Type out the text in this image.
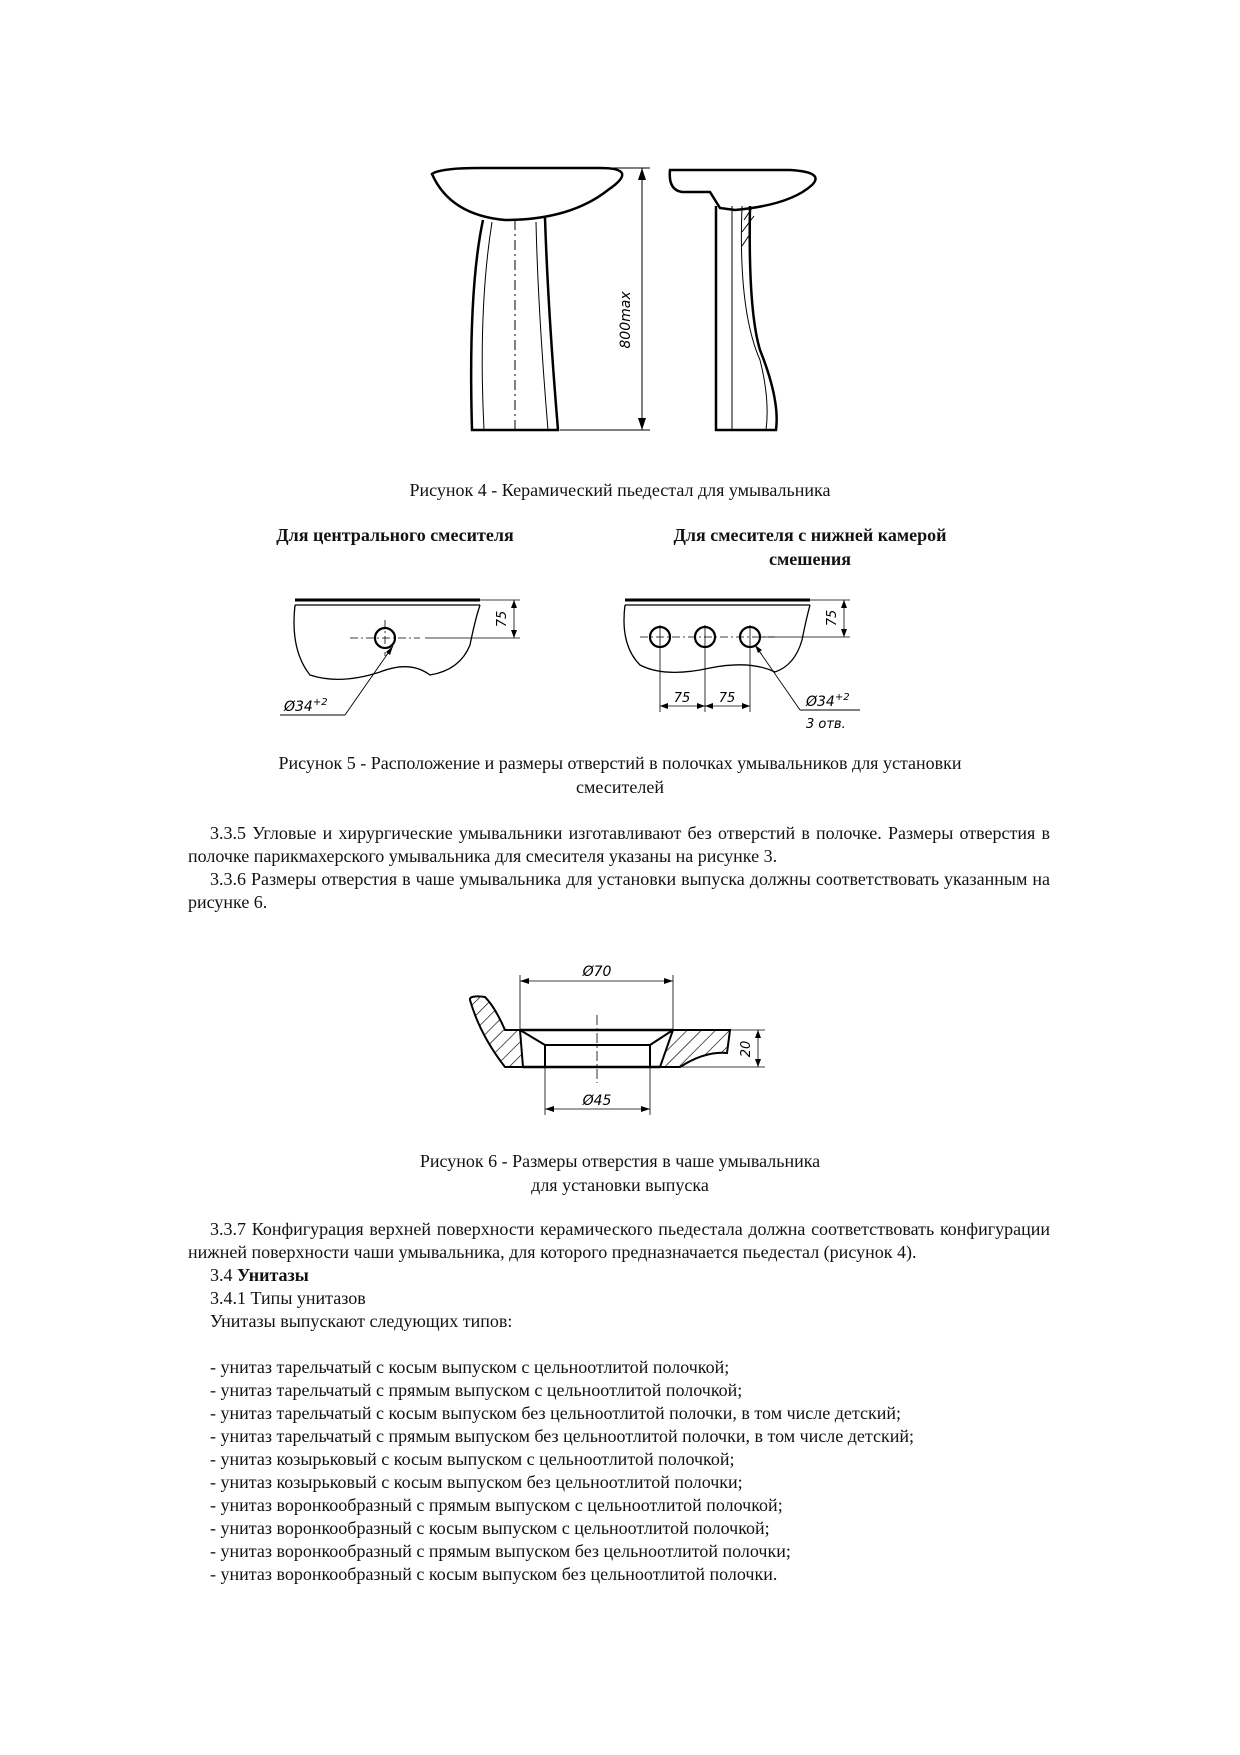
800max
Рисунок 4 - Керамический пьедестал для умывальника
Для центрального смесителя	Для смесителя с нижней камерой
смешения
75
$Ø34^{+2}$	75 75
75
$Ø34^{+2}$
3 отв.
Рисунок 5 - Расположение и размеры отверстий в полочках умывальников для установки
смесителей

3.3.5 Угловые и хирургические умывальники изготавливают без отверстий в полочке. Размеры отверстия в полочке парикмахерского умывальника для смесителя указаны на рисунке 3.

3.3.6 Размеры отверстия в чаше умывальника для установки выпуска должны соответствовать указанным на рисунке 6.

Ø70
Ø45
20
Рисунок 6 - Размеры отверстия в чаше умывальника
для установки выпуска

3.3.7 Конфигурация верхней поверхности керамического пьедестала должна соответствовать конфигурации нижней поверхности чаши умывальника, для которого предназначается пьедестал (рисунок 4).

3.4 Унитазы

3.4.1 Типы унитазов

Унитазы выпускают следующих типов:

- унитаз тарельчатый с косым выпуском с цельноотлитой полочкой;
- унитаз тарельчатый с прямым выпуском с цельноотлитой полочкой;
- унитаз тарельчатый с косым выпуском без цельноотлитой полочки, в том числе детский;
- унитаз тарельчатый с прямым выпуском без цельноотлитой полочки, в том числе детский;
- унитаз козырьковый с косым выпуском с цельноотлитой полочкой;
- унитаз козырьковый с косым выпуском без цельноотлитой полочки;
- унитаз воронкообразный с прямым выпуском с цельноотлитой полочкой;
- унитаз воронкообразный с косым выпуском с цельноотлитой полочкой;
- унитаз воронкообразный с прямым выпуском без цельноотлитой полочки;
- унитаз воронкообразный с косым выпуском без цельноотлитой полочки.
